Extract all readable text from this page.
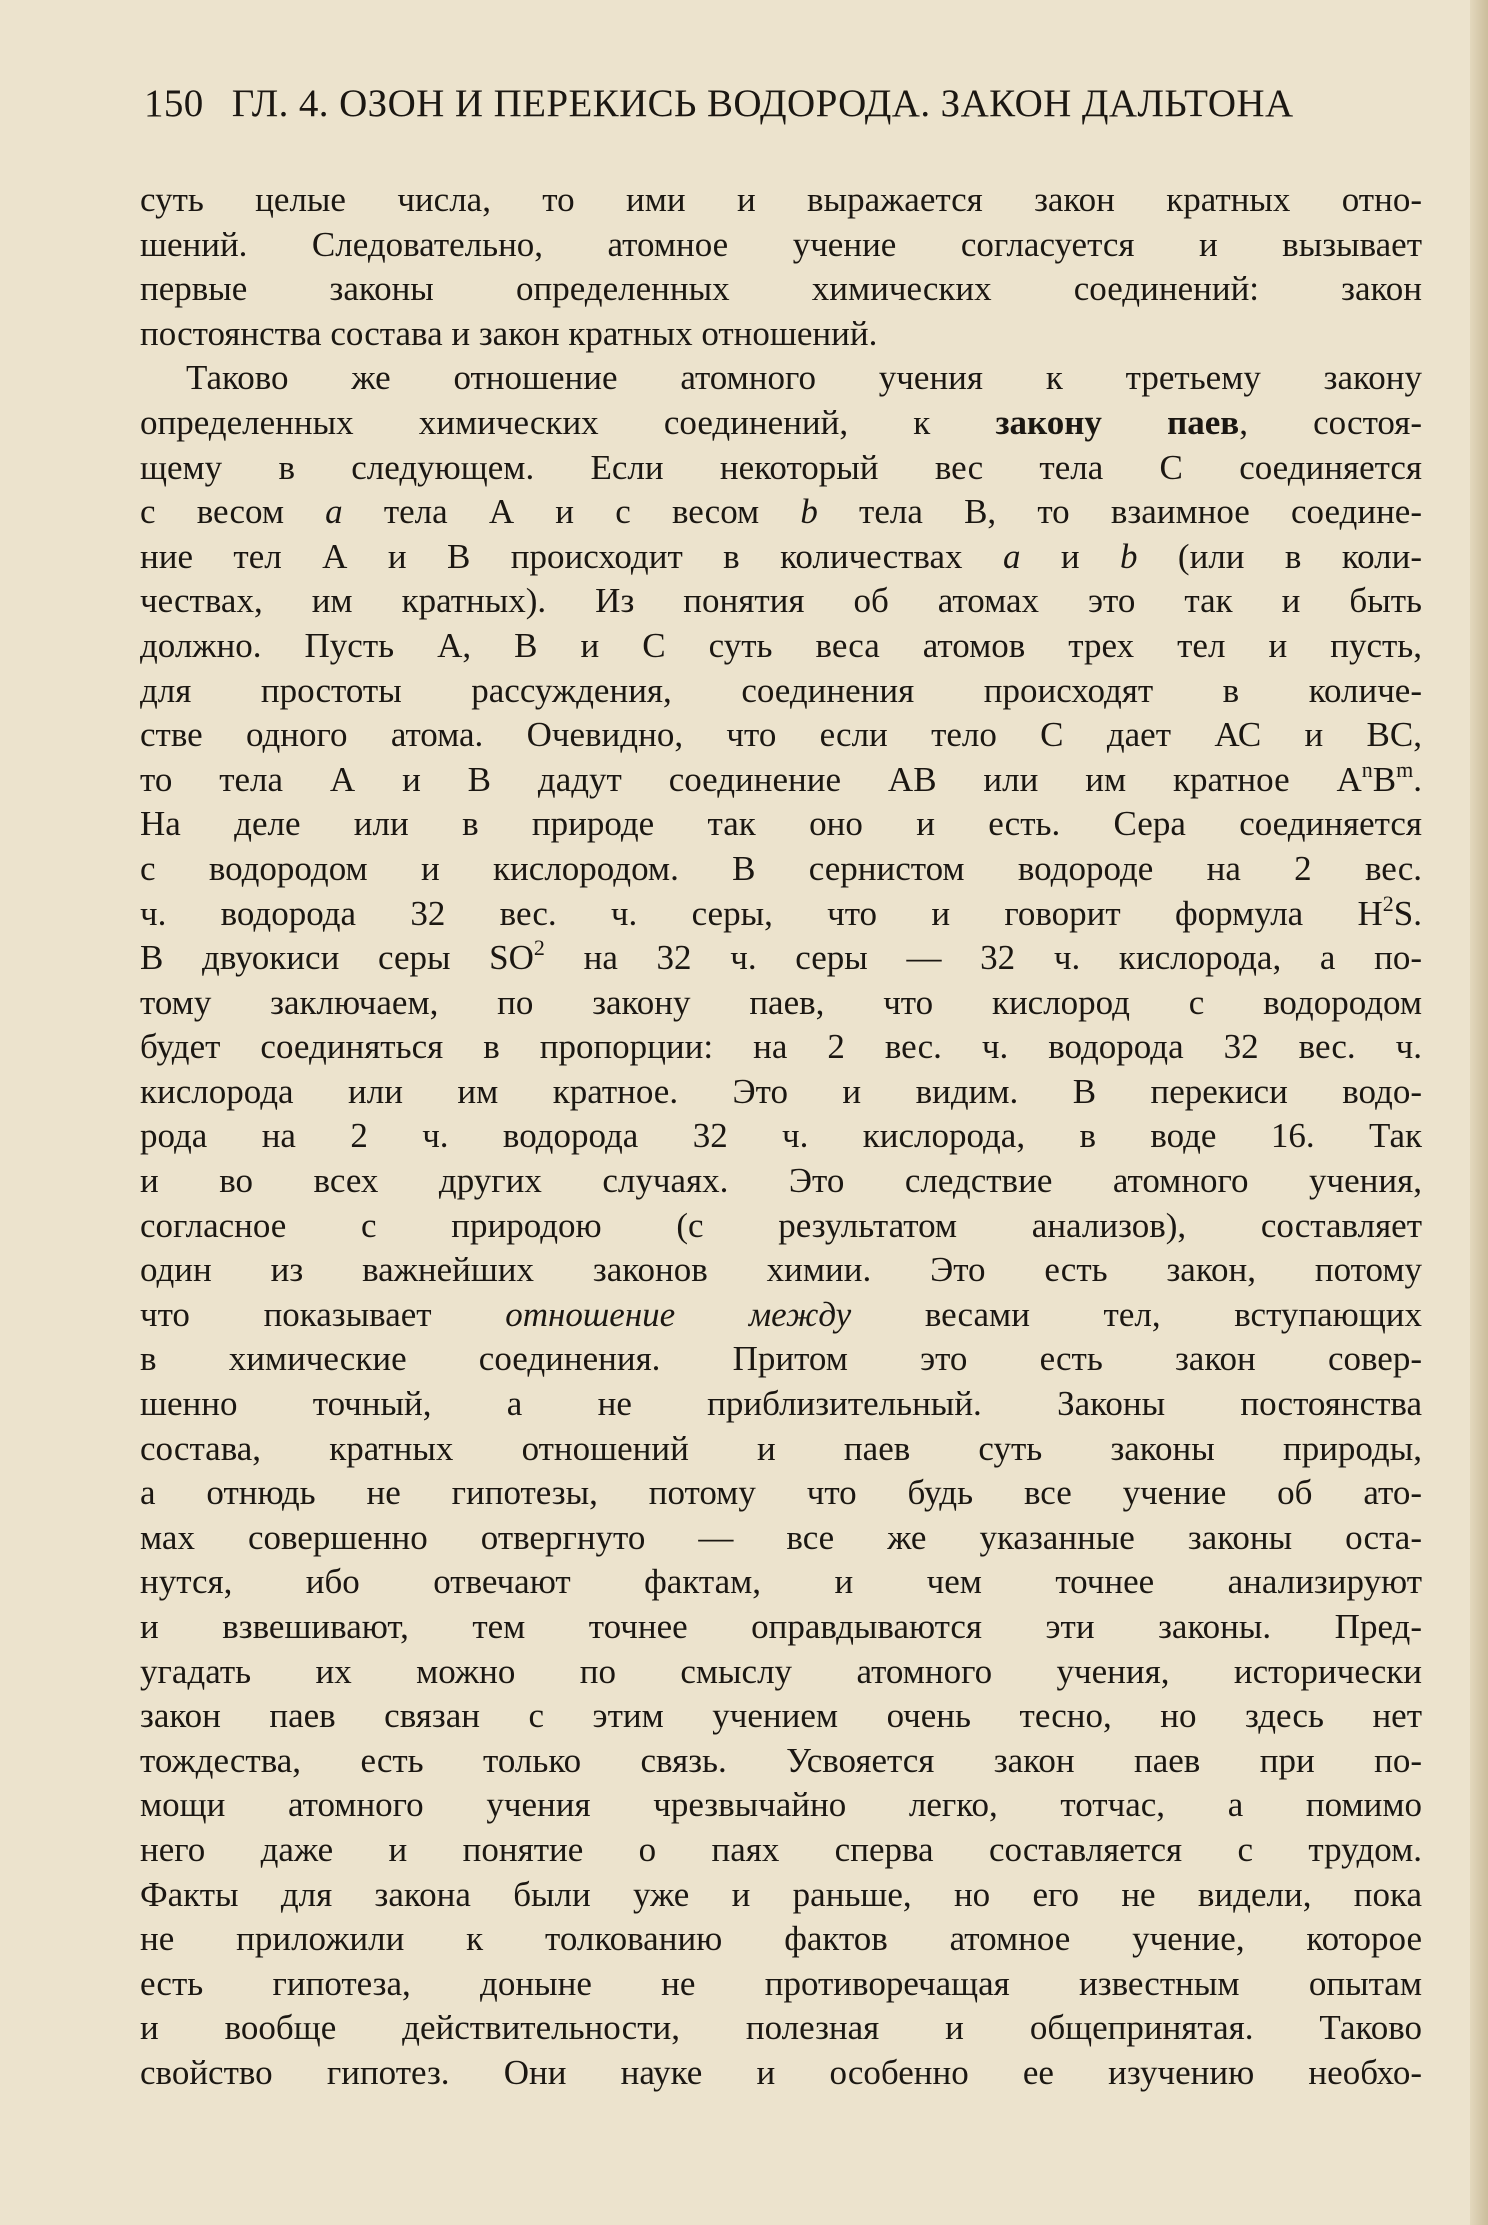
150 ГЛ. 4. ОЗОН И ПЕРЕКИСЬ ВОДОРОДА. ЗАКОН ДАЛЬТОНА
суть целые числа, то ими и выражается закон кратных отно-
шений. Следовательно, атомное учение согласуется и вызывает
первые законы определенных химических соединений: закон
постоянства состава и закон кратных отношений.
Таково же отношение атомного учения к третьему закону
определенных химических соединений, к закону паев, состоя-
щему в следующем. Если некоторый вес тела С соединяется
с весом a тела А и с весом b тела В, то взаимное соедине-
ние тел А и В происходит в количествах a и b (или в коли-
чествах, им кратных). Из понятия об атомах это так и быть
должно. Пусть А, В и С суть веса атомов трех тел и пусть,
для простоты рассуждения, соединения происходят в количе-
стве одного атома. Очевидно, что если тело С дает АС и ВС,
то тела А и В дадут соединение АВ или им кратное $А^nВ^m$.
На деле или в природе так оно и есть. Сера соединяется
с водородом и кислородом. В сернистом водороде на 2 вес.
ч. водорода 32 вес. ч. серы, что и говорит формула $H^2S$.
В двуокиси серы $SO^2$ на 32 ч. серы — 32 ч. кислорода, а по-
тому заключаем, по закону паев, что кислород с водородом
будет соединяться в пропорции: на 2 вес. ч. водорода 32 вес. ч.
кислорода или им кратное. Это и видим. В перекиси водо-
рода на 2 ч. водорода 32 ч. кислорода, в воде 16. Так
и во всех других случаях. Это следствие атомного учения,
согласное с природою (с результатом анализов), составляет
один из важнейших законов химии. Это есть закон, потому
что показывает отношение между весами тел, вступающих
в химические соединения. Притом это есть закон совер-
шенно точный, а не приблизительный. Законы постоянства
состава, кратных отношений и паев суть законы природы,
а отнюдь не гипотезы, потому что будь все учение об ато-
мах совершенно отвергнуто — все же указанные законы оста-
нутся, ибо отвечают фактам, и чем точнее анализируют
и взвешивают, тем точнее оправдываются эти законы. Пред-
угадать их можно по смыслу атомного учения, исторически
закон паев связан с этим учением очень тесно, но здесь нет
тождества, есть только связь. Усвояется закон паев при по-
мощи атомного учения чрезвычайно легко, тотчас, а помимо
него даже и понятие о паях сперва составляется с трудом.
Факты для закона были уже и раньше, но его не видели, пока
не приложили к толкованию фактов атомное учение, которое
есть гипотеза, доныне не противоречащая известным опытам
и вообще действительности, полезная и общепринятая. Таково
свойство гипотез. Они науке и особенно ее изучению необхо-
